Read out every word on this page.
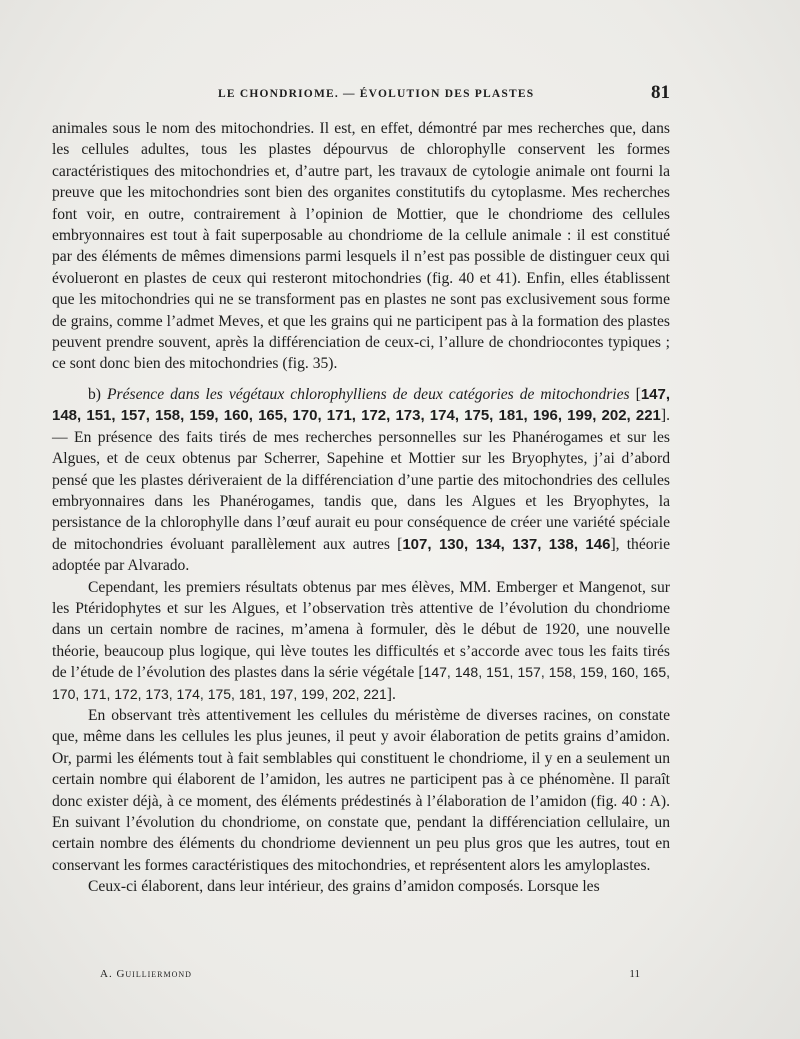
LE CHONDRIOME. — ÉVOLUTION DES PLASTES	81

animales sous le nom des mitochondries. Il est, en effet, démontré par mes recherches que, dans les cellules adultes, tous les plastes dépourvus de chlorophylle conservent les formes caractéristiques des mitochondries et, d’autre part, les travaux de cytologie animale ont fourni la preuve que les mitochondries sont bien des organites constitutifs du cytoplasme. Mes recherches font voir, en outre, contrairement à l’opinion de Mottier, que le chondriome des cellules embryonnaires est tout à fait superposable au chondriome de la cellule animale : il est constitué par des éléments de mêmes dimensions parmi lesquels il n’est pas possible de distinguer ceux qui évolueront en plastes de ceux qui resteront mitochondries (fig. 40 et 41). Enfin, elles établissent que les mitochondries qui ne se transforment pas en plastes ne sont pas exclusivement sous forme de grains, comme l’admet Meves, et que les grains qui ne participent pas à la formation des plastes peuvent prendre souvent, après la différenciation de ceux-ci, l’allure de chondriocontes typiques ; ce sont donc bien des mitochondries (fig. 35).

b) Présence dans les végétaux chlorophylliens de deux catégories de mitochondries [147, 148, 151, 157, 158, 159, 160, 165, 170, 171, 172, 173, 174, 175, 181, 196, 199, 202, 221]. — En présence des faits tirés de mes recherches personnelles sur les Phanérogames et sur les Algues, et de ceux obtenus par Scherrer, Sapehine et Mottier sur les Bryophytes, j’ai d’abord pensé que les plastes dériveraient de la différenciation d’une partie des mitochondries des cellules embryonnaires dans les Phanérogames, tandis que, dans les Algues et les Bryophytes, la persistance de la chlorophylle dans l’œuf aurait eu pour conséquence de créer une variété spéciale de mitochondries évoluant parallèlement aux autres [107, 130, 134, 137, 138, 146], théorie adoptée par Alvarado.

Cependant, les premiers résultats obtenus par mes élèves, MM. Emberger et Mangenot, sur les Ptéridophytes et sur les Algues, et l’observation très attentive de l’évolution du chondriome dans un certain nombre de racines, m’amena à formuler, dès le début de 1920, une nouvelle théorie, beaucoup plus logique, qui lève toutes les difficultés et s’accorde avec tous les faits tirés de l’étude de l’évolution des plastes dans la série végétale [147, 148, 151, 157, 158, 159, 160, 165, 170, 171, 172, 173, 174, 175, 181, 197, 199, 202, 221].

En observant très attentivement les cellules du méristème de diverses racines, on constate que, même dans les cellules les plus jeunes, il peut y avoir élaboration de petits grains d’amidon. Or, parmi les éléments tout à fait semblables qui constituent le chondriome, il y en a seulement un certain nombre qui élaborent de l’amidon, les autres ne participent pas à ce phénomène. Il paraît donc exister déjà, à ce moment, des éléments prédestinés à l’élaboration de l’amidon (fig. 40 : A). En suivant l’évolution du chondriome, on constate que, pendant la différenciation cellulaire, un certain nombre des éléments du chondriome deviennent un peu plus gros que les autres, tout en conservant les formes caractéristiques des mitochondries, et représentent alors les amyloplastes.

Ceux-ci élaborent, dans leur intérieur, des grains d’amidon composés. Lorsque les

A. Guilliermond	11
